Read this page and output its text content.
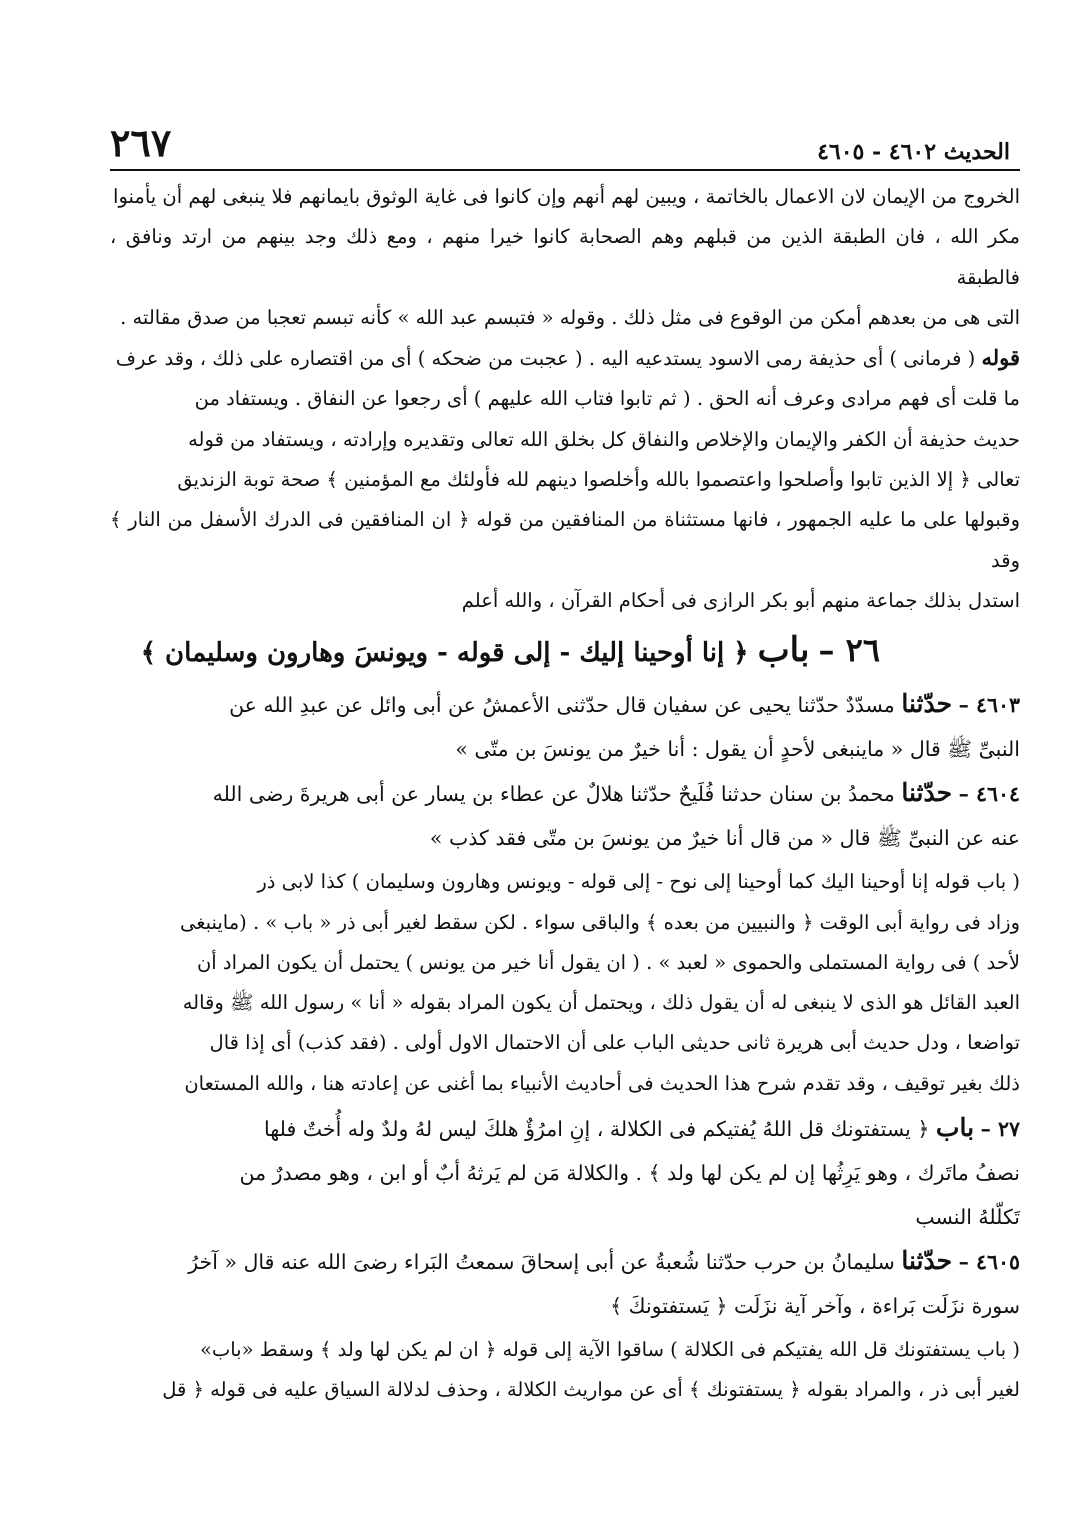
الحديث ٤٦٠٢ - ٤٦٠٥
٢٦٧

الخروج من الإيمان لان الاعمال بالخاتمة ، ويبين لهم أنهم وإن كانوا فى غاية الوثوق بايمانهم فلا ينبغى لهم أن يأمنوا

مكر الله ، فان الطبقة الذين من قبلهم وهم الصحابة كانوا خيرا منهم ، ومع ذلك وجد بينهم من ارتد ونافق ، فالطبقة

التى هى من بعدهم أمكن من الوقوع فى مثل ذلك . وقوله « فتبسم عبد الله » كأنه تبسم تعجبا من صدق مقالته .

قوله ( فرمانى ) أى حذيفة رمى الاسود يستدعيه اليه . ( عجبت من ضحكه ) أى من اقتصاره على ذلك ، وقد عرف

ما قلت أى فهم مرادى وعرف أنه الحق . ( ثم تابوا فتاب الله عليهم ) أى رجعوا عن النفاق . ويستفاد من

حديث حذيفة أن الكفر والإيمان والإخلاص والنفاق كل بخلق الله تعالى وتقديره وإرادته ، ويستفاد من قوله

تعالى ﴿ إلا الذين تابوا وأصلحوا واعتصموا بالله وأخلصوا دينهم لله فأولئك مع المؤمنين ﴾ صحة توبة الزنديق

وقبولها على ما عليه الجمهور ، فانها مستثناة من المنافقين من قوله ﴿ ان المنافقين فى الدرك الأسفل من النار ﴾ وقد

استدل بذلك جماعة منهم أبو بكر الرازى فى أحكام القرآن ، والله أعلم

٢٦ – باب ﴿ إنا أوحينا إليك - إلى قوله - ويونسَ وهارون وسليمان ﴾

٤٦٠٣ – حدّثنا مسدّدٌ حدّثنا يحيى عن سفيان قال حدّثنى الأعمشُ عن أبى وائل عن عبدِ الله عن

النبىِّ ﷺ قال « ماينبغى لأحدٍ أن يقول : أنا خيرٌ من يونسَ بن متّى »

٤٦٠٤ – حدّثنا محمدُ بن سنان حدثنا فُلَيحٌ حدّثنا هلالٌ عن عطاء بن يسار عن أبى هريرةَ رضى الله

عنه عن النبىِّ ﷺ قال « من قال أنا خيرٌ من يونسَ بن متّى فقد كذب »

( باب قوله إنا أوحينا اليك كما أوحينا إلى نوح - إلى قوله - ويونس وهارون وسليمان ) كذا لابى ذر

وزاد فى رواية أبى الوقت ﴿ والنبيين من بعده ﴾ والباقى سواء . لكن سقط لغير أبى ذر « باب » . (ماينبغى

لأحد ) فى رواية المستملى والحموى « لعبد » . ( ان يقول أنا خير من يونس ) يحتمل أن يكون المراد أن

العبد القائل هو الذى لا ينبغى له أن يقول ذلك ، ويحتمل أن يكون المراد بقوله « أنا » رسول الله ﷺ وقاله

تواضعا ، ودل حديث أبى هريرة ثانى حديثى الباب على أن الاحتمال الاول أولى . (فقد كذب) أى إذا قال

ذلك بغير توقيف ، وقد تقدم شرح هذا الحديث فى أحاديث الأنبياء بما أغنى عن إعادته هنا ، والله المستعان

٢٧ – باب ﴿ يستفتونك قل اللهُ يُفتيكم فى الكلالة ، إنِ امرُؤٌ هلكَ ليس لهُ ولدٌ وله أُختٌ فلها

نصفُ ماتَرك ، وهو يَرِثُها إن لم يكن لها ولد ﴾ . والكلالة مَن لم يَرثهُ أبٌ أو ابن ، وهو مصدرٌ من

تَكلّلهُ النسب

٤٦٠٥ – حدّثنا سليمانُ بن حرب حدّثنا شُعبةُ عن أبى إسحاقَ سمعتُ البَراء رضىَ الله عنه قال « آخرُ

سورة نزَلَت بَراءة ، وآخر آية نزَلَت ﴿ يَستفتونكَ ﴾

( باب يستفتونك قل الله يفتيكم فى الكلالة ) ساقوا الآية إلى قوله ﴿ ان لم يكن لها ولد ﴾ وسقط «باب»

لغير أبى ذر ، والمراد بقوله ﴿ يستفتونك ﴾ أى عن مواريث الكلالة ، وحذف لدلالة السياق عليه فى قوله ﴿ قل
